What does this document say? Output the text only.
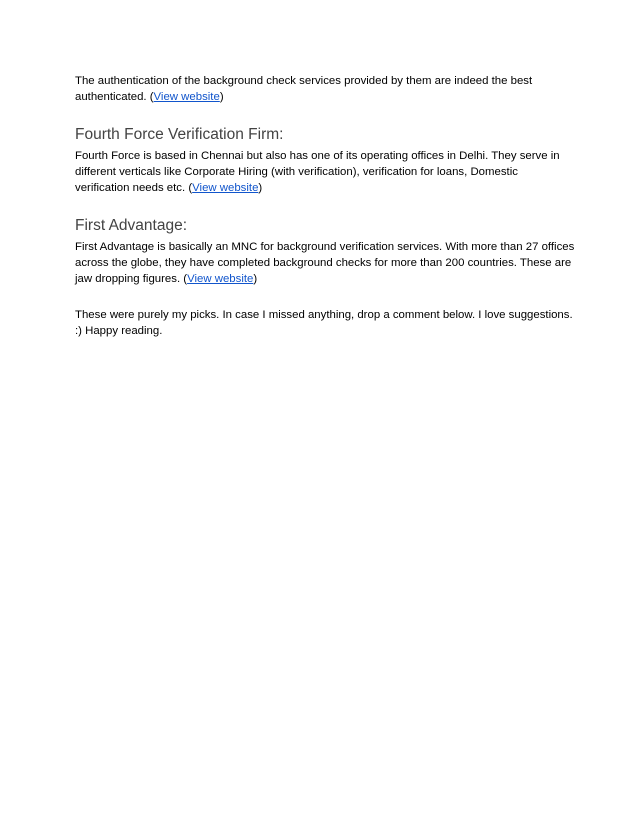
The authentication of the background check services provided by them are indeed the best authenticated. (View website)

Fourth Force Verification Firm:

Fourth Force is based in Chennai but also has one of its operating offices in Delhi. They serve in different verticals like Corporate Hiring (with verification), verification for loans, Domestic verification needs etc. (View website)

First Advantage:

First Advantage is basically an MNC for background verification services. With more than 27 offices across the globe, they have completed background checks for more than 200 countries. These are jaw dropping figures. (View website)

These were purely my picks. In case I missed anything, drop a comment below. I love suggestions. :) Happy reading.
